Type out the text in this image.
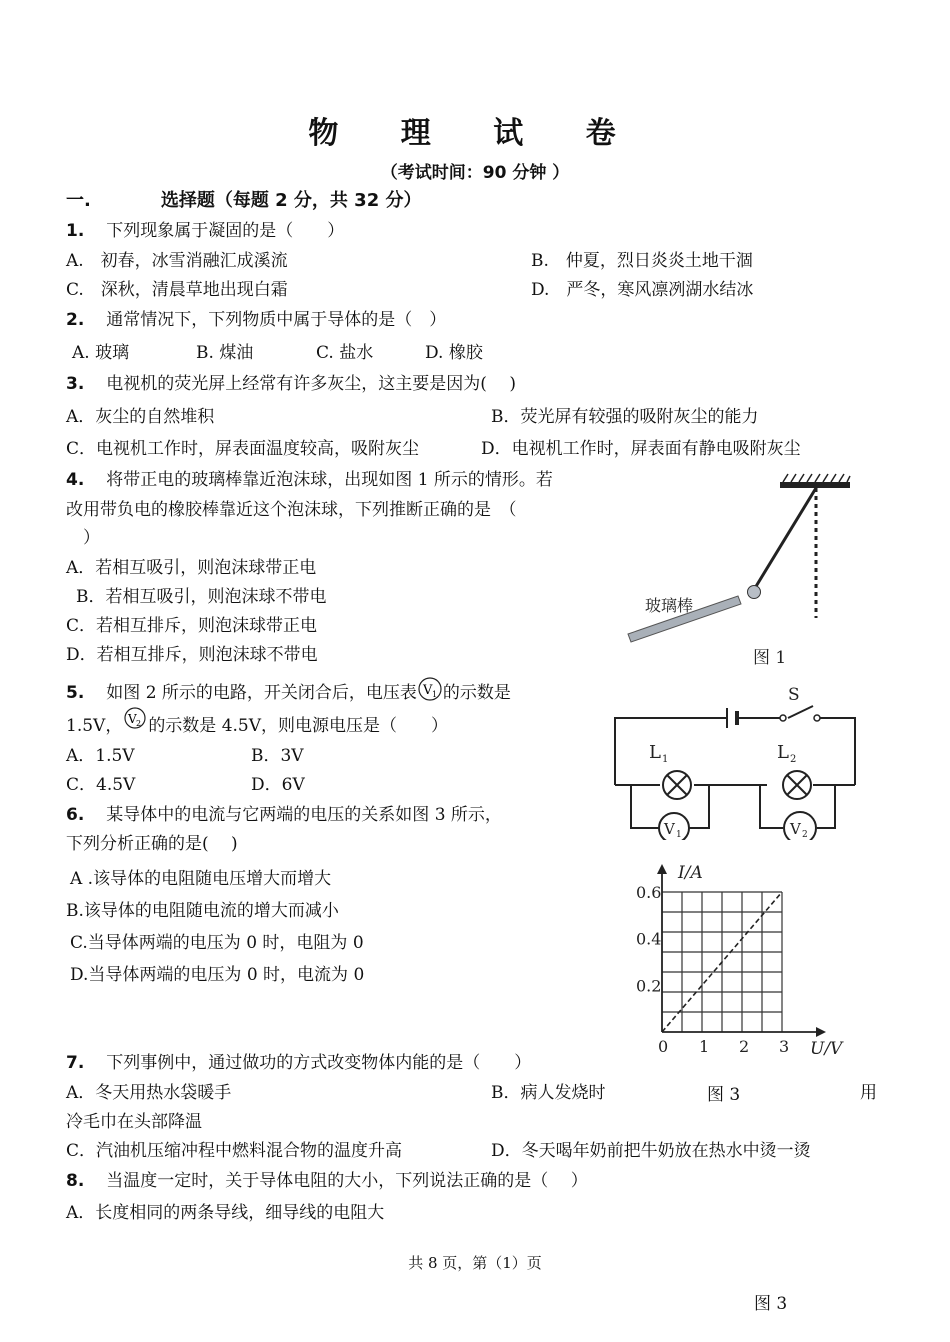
物 理 试 卷
（考试时间：90 分钟 ）
一.	选择题（每题 2 分，共 32 分）
1. 下列现象属于凝固的是（　　）
A.　初春，冰雪消融汇成溪流	B.　仲夏，烈日炎炎土地干涸
C.　深秋，清晨草地出现白霜	D.　严冬，寒风凛冽湖水结冰
2. 通常情况下，下列物质中属于导体的是（　）
A. 玻璃	B. 煤油	C. 盐水	D. 橡胶
3. 电视机的荧光屏上经常有许多灰尘，这主要是因为(　 )
A．灰尘的自然堆积	B．荧光屏有较强的吸附灰尘的能力
C．电视机工作时，屏表面温度较高，吸附灰尘	D．电视机工作时，屏表面有静电吸附灰尘
4. 将带正电的玻璃棒靠近泡沫球，出现如图 1 所示的情形。若
改用带负电的橡胶棒靠近这个泡沫球，下列推断正确的是　（
　）
A．若相互吸引，则泡沫球带正电
B．若相互吸引，则泡沫球不带电
C．若相互排斥，则泡沫球带正电
D．若相互排斥，则泡沫球不带电
5. 如图 2 所示的电路，开关闭合后，电压表 V 1 的示数是
1.5V， V 2 的示数是 4.5V，则电源电压是（　　）
A．1.5V	B．3V
C．4.5V	D．6V
6. 某导体中的电流与它两端的电压的关系如图 3 所示，
下列分析正确的是(　 )
A .该导体的电阻随电压增大而增大
B.该导体的电阻随电流的增大而减小
C.当导体两端的电压为 0 时，电阻为 0
D.当导体两端的电压为 0 时，电流为 0
7. 下列事例中，通过做功的方式改变物体内能的是（　　）
A．冬天用热水袋暖手	B．病人发烧时	用
冷毛巾在头部降温
C．汽油机压缩冲程中燃料混合物的温度升高	D．冬天喝年奶前把牛奶放在热水中烫一烫
8. 当温度一定时，关于导体电阻的大小，下列说法正确的是（　 ）
A．长度相同的两条导线，细导线的电阻大
玻璃棒
图 1
S
L 1	L 2
V 1	V 2
0 1 2 3
0.2
0.4
0.6
I/A
U/V
图 3
共 8 页，第（1）页
图 3
